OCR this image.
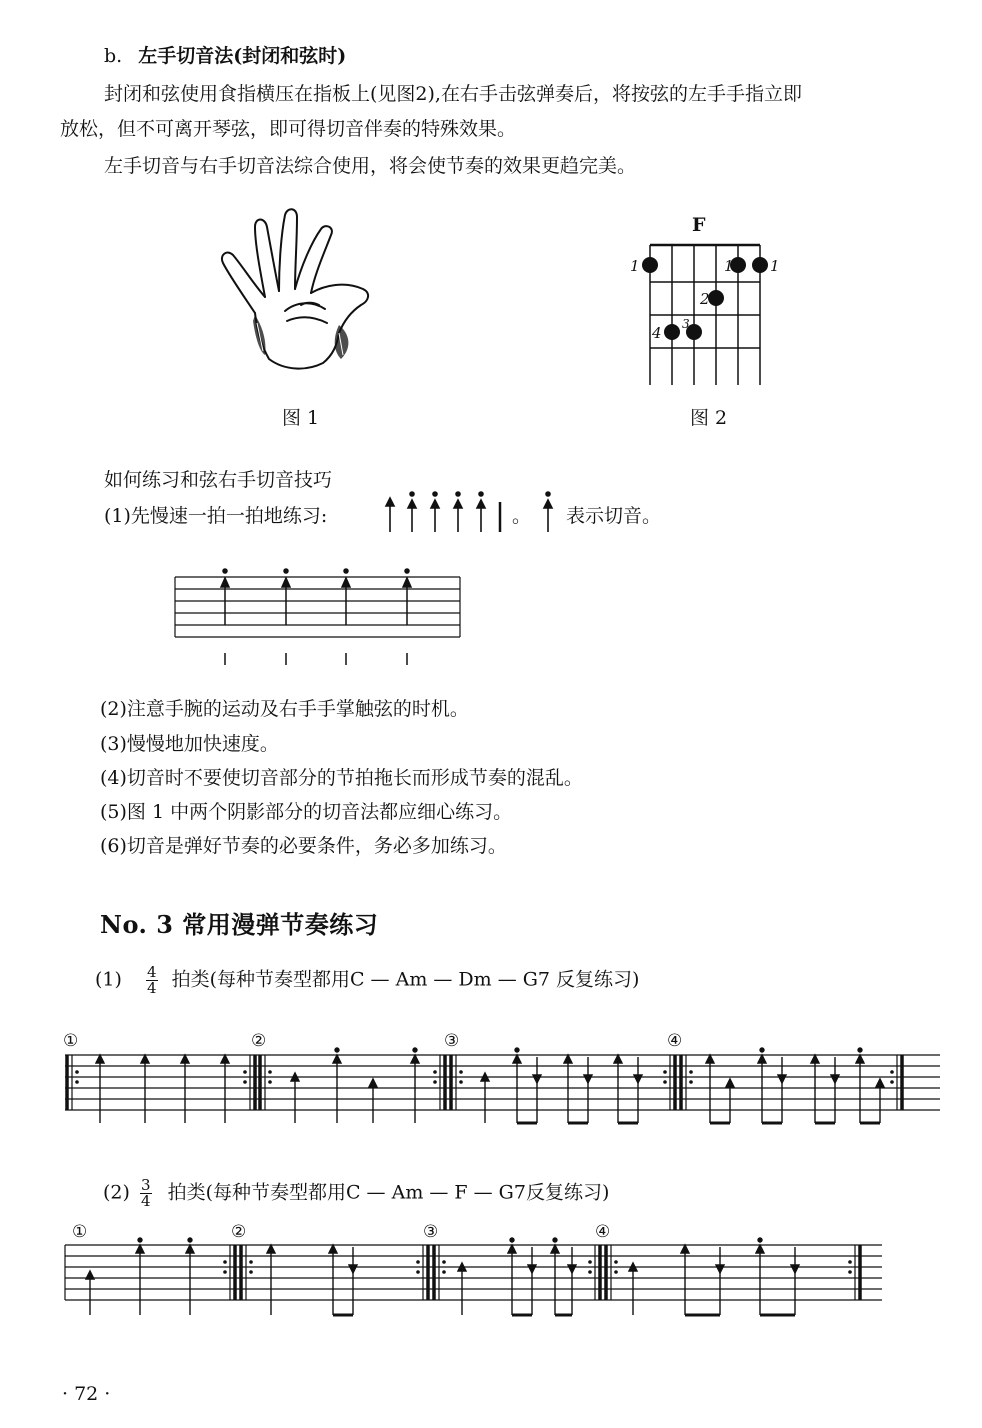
b. 左手切音法(封闭和弦时)
封闭和弦使用食指横压在指板上(见图2),在右手击弦弹奏后，将按弦的左手手指立即
放松，但不可离开琴弦，即可得切音伴奏的特殊效果。
左手切音与右手切音法综合使用，将会使节奏的效果更趋完美。
图 1
F
1	1 1
2
3
4
图 2
如何练习和弦右手切音技巧
(1)先慢速一拍一拍地练习:	。 表示切音。
(2)注意手腕的运动及右手手掌触弦的时机。
(3)慢慢地加快速度。
(4)切音时不要使切音部分的节拍拖长而形成节奏的混乱。
(5)图 1 中两个阴影部分的切音法都应细心练习。
(6)切音是弹好节奏的必要条件，务必多加练习。
No. 3 常用漫弹节奏练习
$(1) \frac{4}{4}$ 拍类(每种节奏型都用C — Am — Dm — G7 反复练习)
①	②	③	④
$(2) \frac{3}{4}$ 拍类(每种节奏型都用C — Am — F — G7反复练习)
①	②	③	④
· 72 ·
